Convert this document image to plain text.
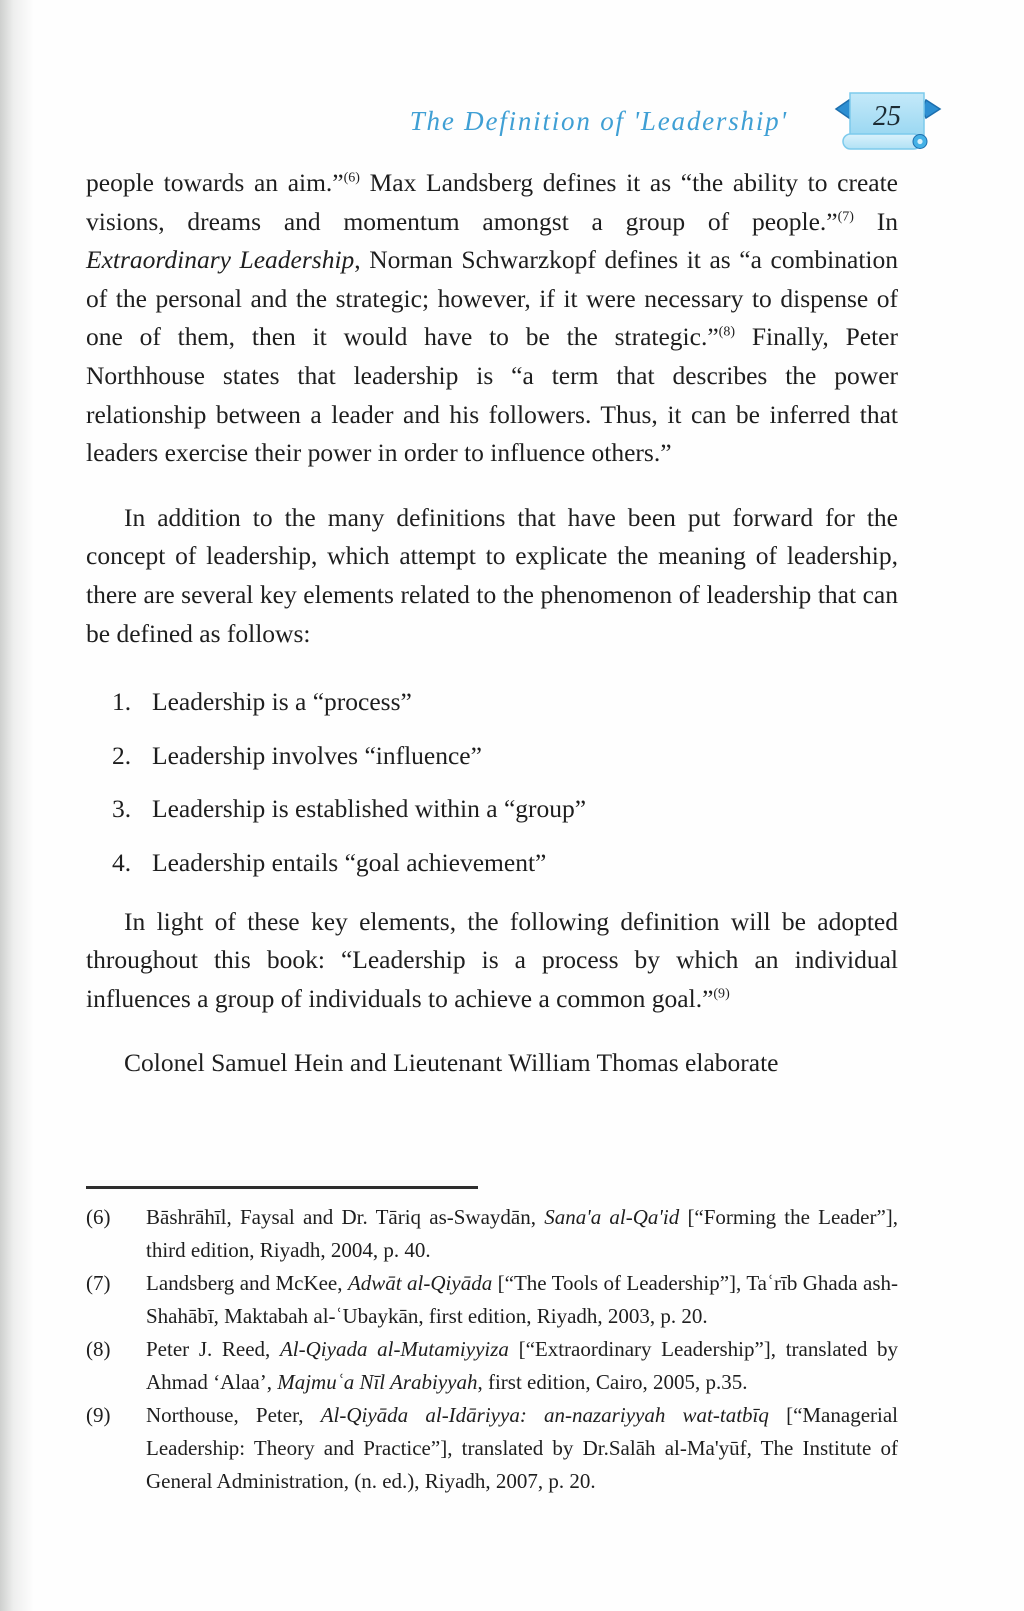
The Definition of 'Leadership'	25

people towards an aim.”$^{(6)}$ Max Landsberg defines it as “the ability to create visions, dreams and momentum amongst a group of people.”$^{(7)}$ In Extraordinary Leadership, Norman Schwarzkopf defines it as “a combination of the personal and the strategic; however, if it were necessary to dispense of one of them, then it would have to be the strategic.”$^{(8)}$ Finally, Peter Northhouse states that leadership is “a term that describes the power relationship between a leader and his followers. Thus, it can be inferred that leaders exercise their power in order to influence others.”

In addition to the many definitions that have been put forward for the concept of leadership, which attempt to explicate the meaning of leadership, there are several key elements related to the phenomenon of leadership that can be defined as follows:

1. Leadership is a “process”
2. Leadership involves “influence”
3. Leadership is established within a “group”
4. Leadership entails “goal achievement”

In light of these key elements, the following definition will be adopted throughout this book: “Leadership is a process by which an individual influences a group of individuals to achieve a common goal.”$^{(9)}$

Colonel Samuel Hein and Lieutenant William Thomas elaborate

(6)	Bāshrāhīl, Faysal and Dr. Tāriq as-Swaydān, Sana'a al-Qa'id [“Forming the Leader”], third edition, Riyadh, 2004, p. 40.
(7)	Landsberg and McKee, Adwāt al-Qiyāda [“The Tools of Leadership”], Taʿrīb Ghada ash-Shahābī, Maktabah al-ʿUbaykān, first edition, Riyadh, 2003, p. 20.
(8)	Peter J. Reed, Al-Qiyada al-Mutamiyyiza [“Extraordinary Leadership”], translated by Ahmad ‘Alaa’, Majmuʿa Nīl Arabiyyah, first edition, Cairo, 2005, p.35.
(9)	Northouse, Peter, Al-Qiyāda al-Idāriyya: an-nazariyyah wat-tatbīq [“Managerial Leadership: Theory and Practice”], translated by Dr.Salāh al-Ma'yūf, The Institute of General Administration, (n. ed.), Riyadh, 2007, p. 20.
